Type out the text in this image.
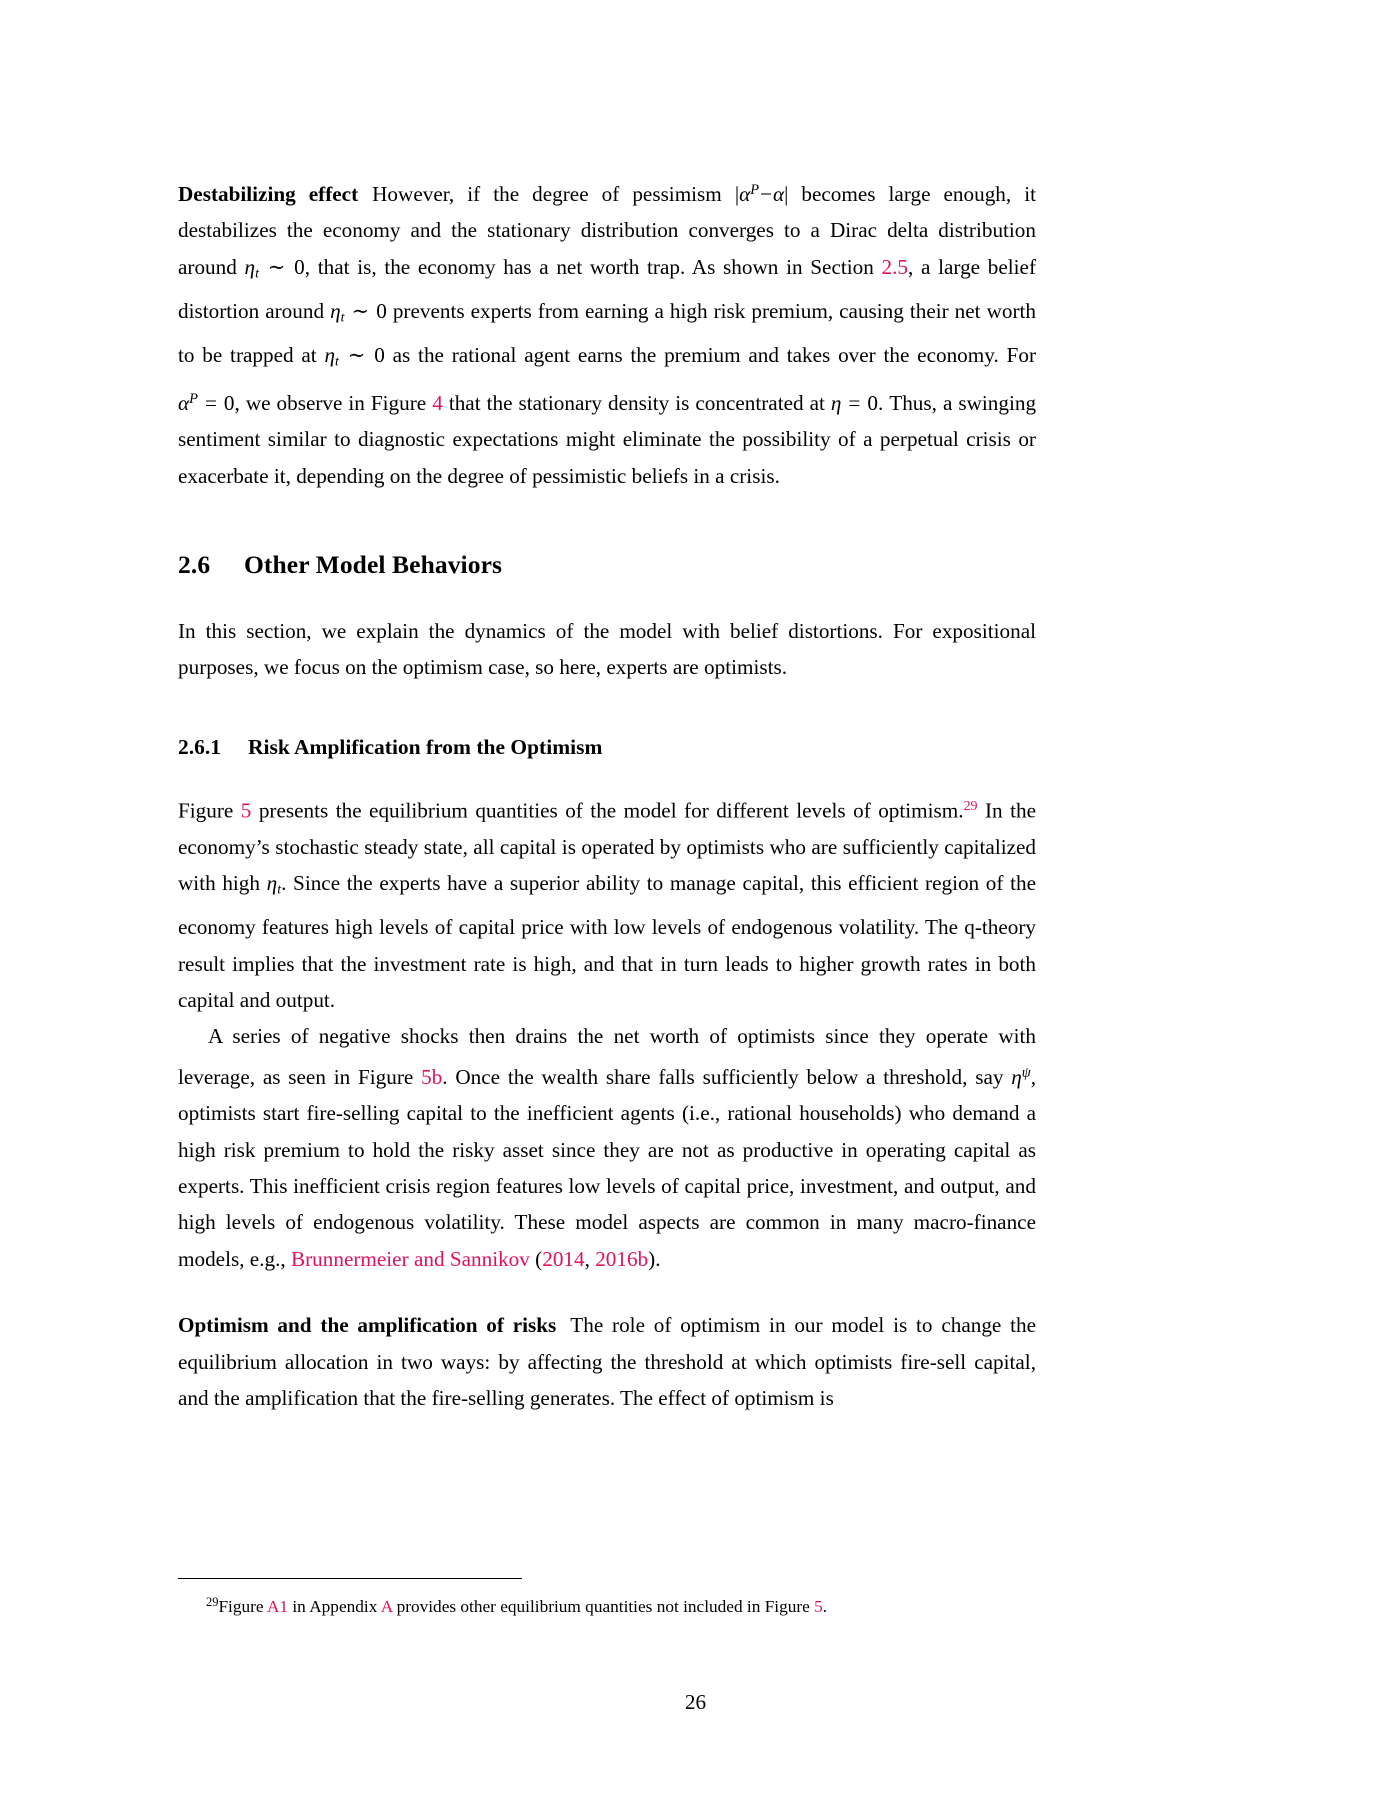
Destabilizing effect However, if the degree of pessimism $|\alpha^P-\alpha|$ becomes large enough, it destabilizes the economy and the stationary distribution converges to a Dirac delta distribution around $\eta_t$ ∼ 0, that is, the economy has a net worth trap. As shown in Section 2.5, a large belief distortion around $\eta_t$ ∼ 0 prevents experts from earning a high risk premium, causing their net worth to be trapped at $\eta_t$ ∼ 0 as the rational agent earns the premium and takes over the economy. For $\alpha^P = 0$, we observe in Figure 4 that the stationary density is concentrated at η = 0. Thus, a swinging sentiment similar to diagnostic expectations might eliminate the possibility of a perpetual crisis or exacerbate it, depending on the degree of pessimistic beliefs in a crisis.

2.6 Other Model Behaviors

In this section, we explain the dynamics of the model with belief distortions. For expositional purposes, we focus on the optimism case, so here, experts are optimists.

2.6.1 Risk Amplification from the Optimism

Figure 5 presents the equilibrium quantities of the model for different levels of optimism.$^{29}$ In the economy’s stochastic steady state, all capital is operated by optimists who are sufficiently capitalized with high $\eta_t$. Since the experts have a superior ability to manage capital, this efficient region of the economy features high levels of capital price with low levels of endogenous volatility. The q-theory result implies that the investment rate is high, and that in turn leads to higher growth rates in both capital and output.

A series of negative shocks then drains the net worth of optimists since they operate with leverage, as seen in Figure 5b. Once the wealth share falls sufficiently below a threshold, say $\eta^\psi$, optimists start fire-selling capital to the inefficient agents (i.e., rational households) who demand a high risk premium to hold the risky asset since they are not as productive in operating capital as experts. This inefficient crisis region features low levels of capital price, investment, and output, and high levels of endogenous volatility. These model aspects are common in many macro-finance models, e.g., Brunnermeier and Sannikov (2014, 2016b).

Optimism and the amplification of risks The role of optimism in our model is to change the equilibrium allocation in two ways: by affecting the threshold at which optimists fire-sell capital, and the amplification that the fire-selling generates. The effect of optimism is

$^{29}$Figure A1 in Appendix A provides other equilibrium quantities not included in Figure 5.

26
